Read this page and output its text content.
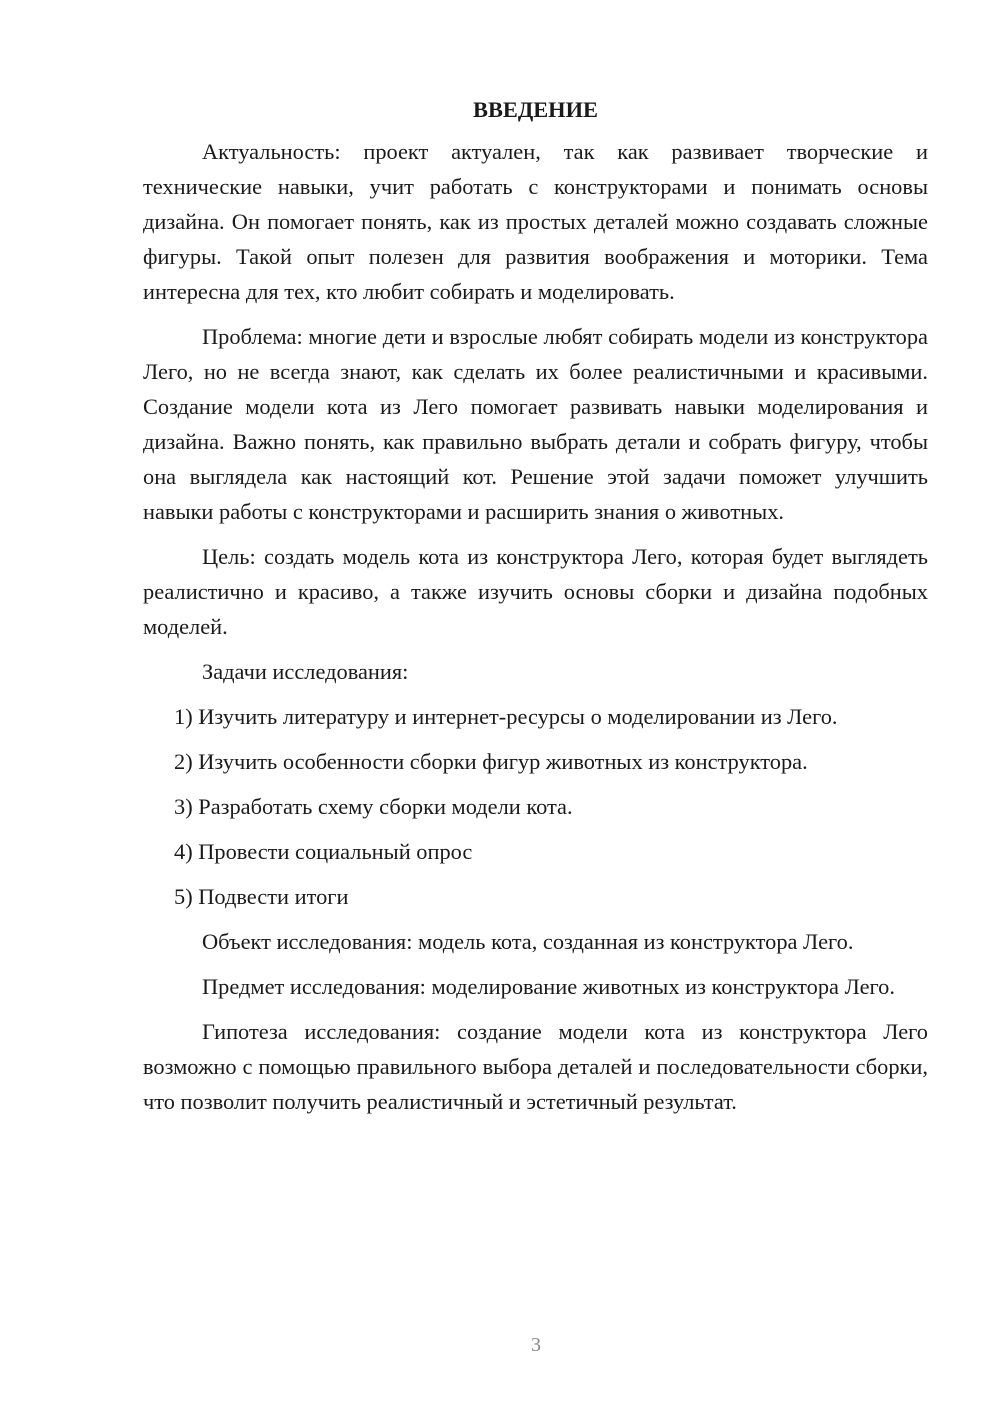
ВВЕДЕНИЕ

Актуальность: проект актуален, так как развивает творческие и технические навыки, учит работать с конструкторами и понимать основы дизайна. Он помогает понять, как из простых деталей можно создавать сложные фигуры. Такой опыт полезен для развития воображения и моторики. Тема интересна для тех, кто любит собирать и моделировать.

Проблема: многие дети и взрослые любят собирать модели из конструктора Лего, но не всегда знают, как сделать их более реалистичными и красивыми. Создание модели кота из Лего помогает развивать навыки моделирования и дизайна. Важно понять, как правильно выбрать детали и собрать фигуру, чтобы она выглядела как настоящий кот. Решение этой задачи поможет улучшить навыки работы с конструкторами и расширить знания о животных.

Цель: создать модель кота из конструктора Лего, которая будет выглядеть реалистично и красиво, а также изучить основы сборки и дизайна подобных моделей.

Задачи исследования:

1) Изучить литературу и интернет-ресурсы о моделировании из Лего.
2) Изучить особенности сборки фигур животных из конструктора.
3) Разработать схему сборки модели кота.
4) Провести социальный опрос
5) Подвести итоги

Объект исследования: модель кота, созданная из конструктора Лего.

Предмет исследования: моделирование животных из конструктора Лего.

Гипотеза исследования: создание модели кота из конструктора Лего возможно с помощью правильного выбора деталей и последовательности сборки, что позволит получить реалистичный и эстетичный результат.

3
